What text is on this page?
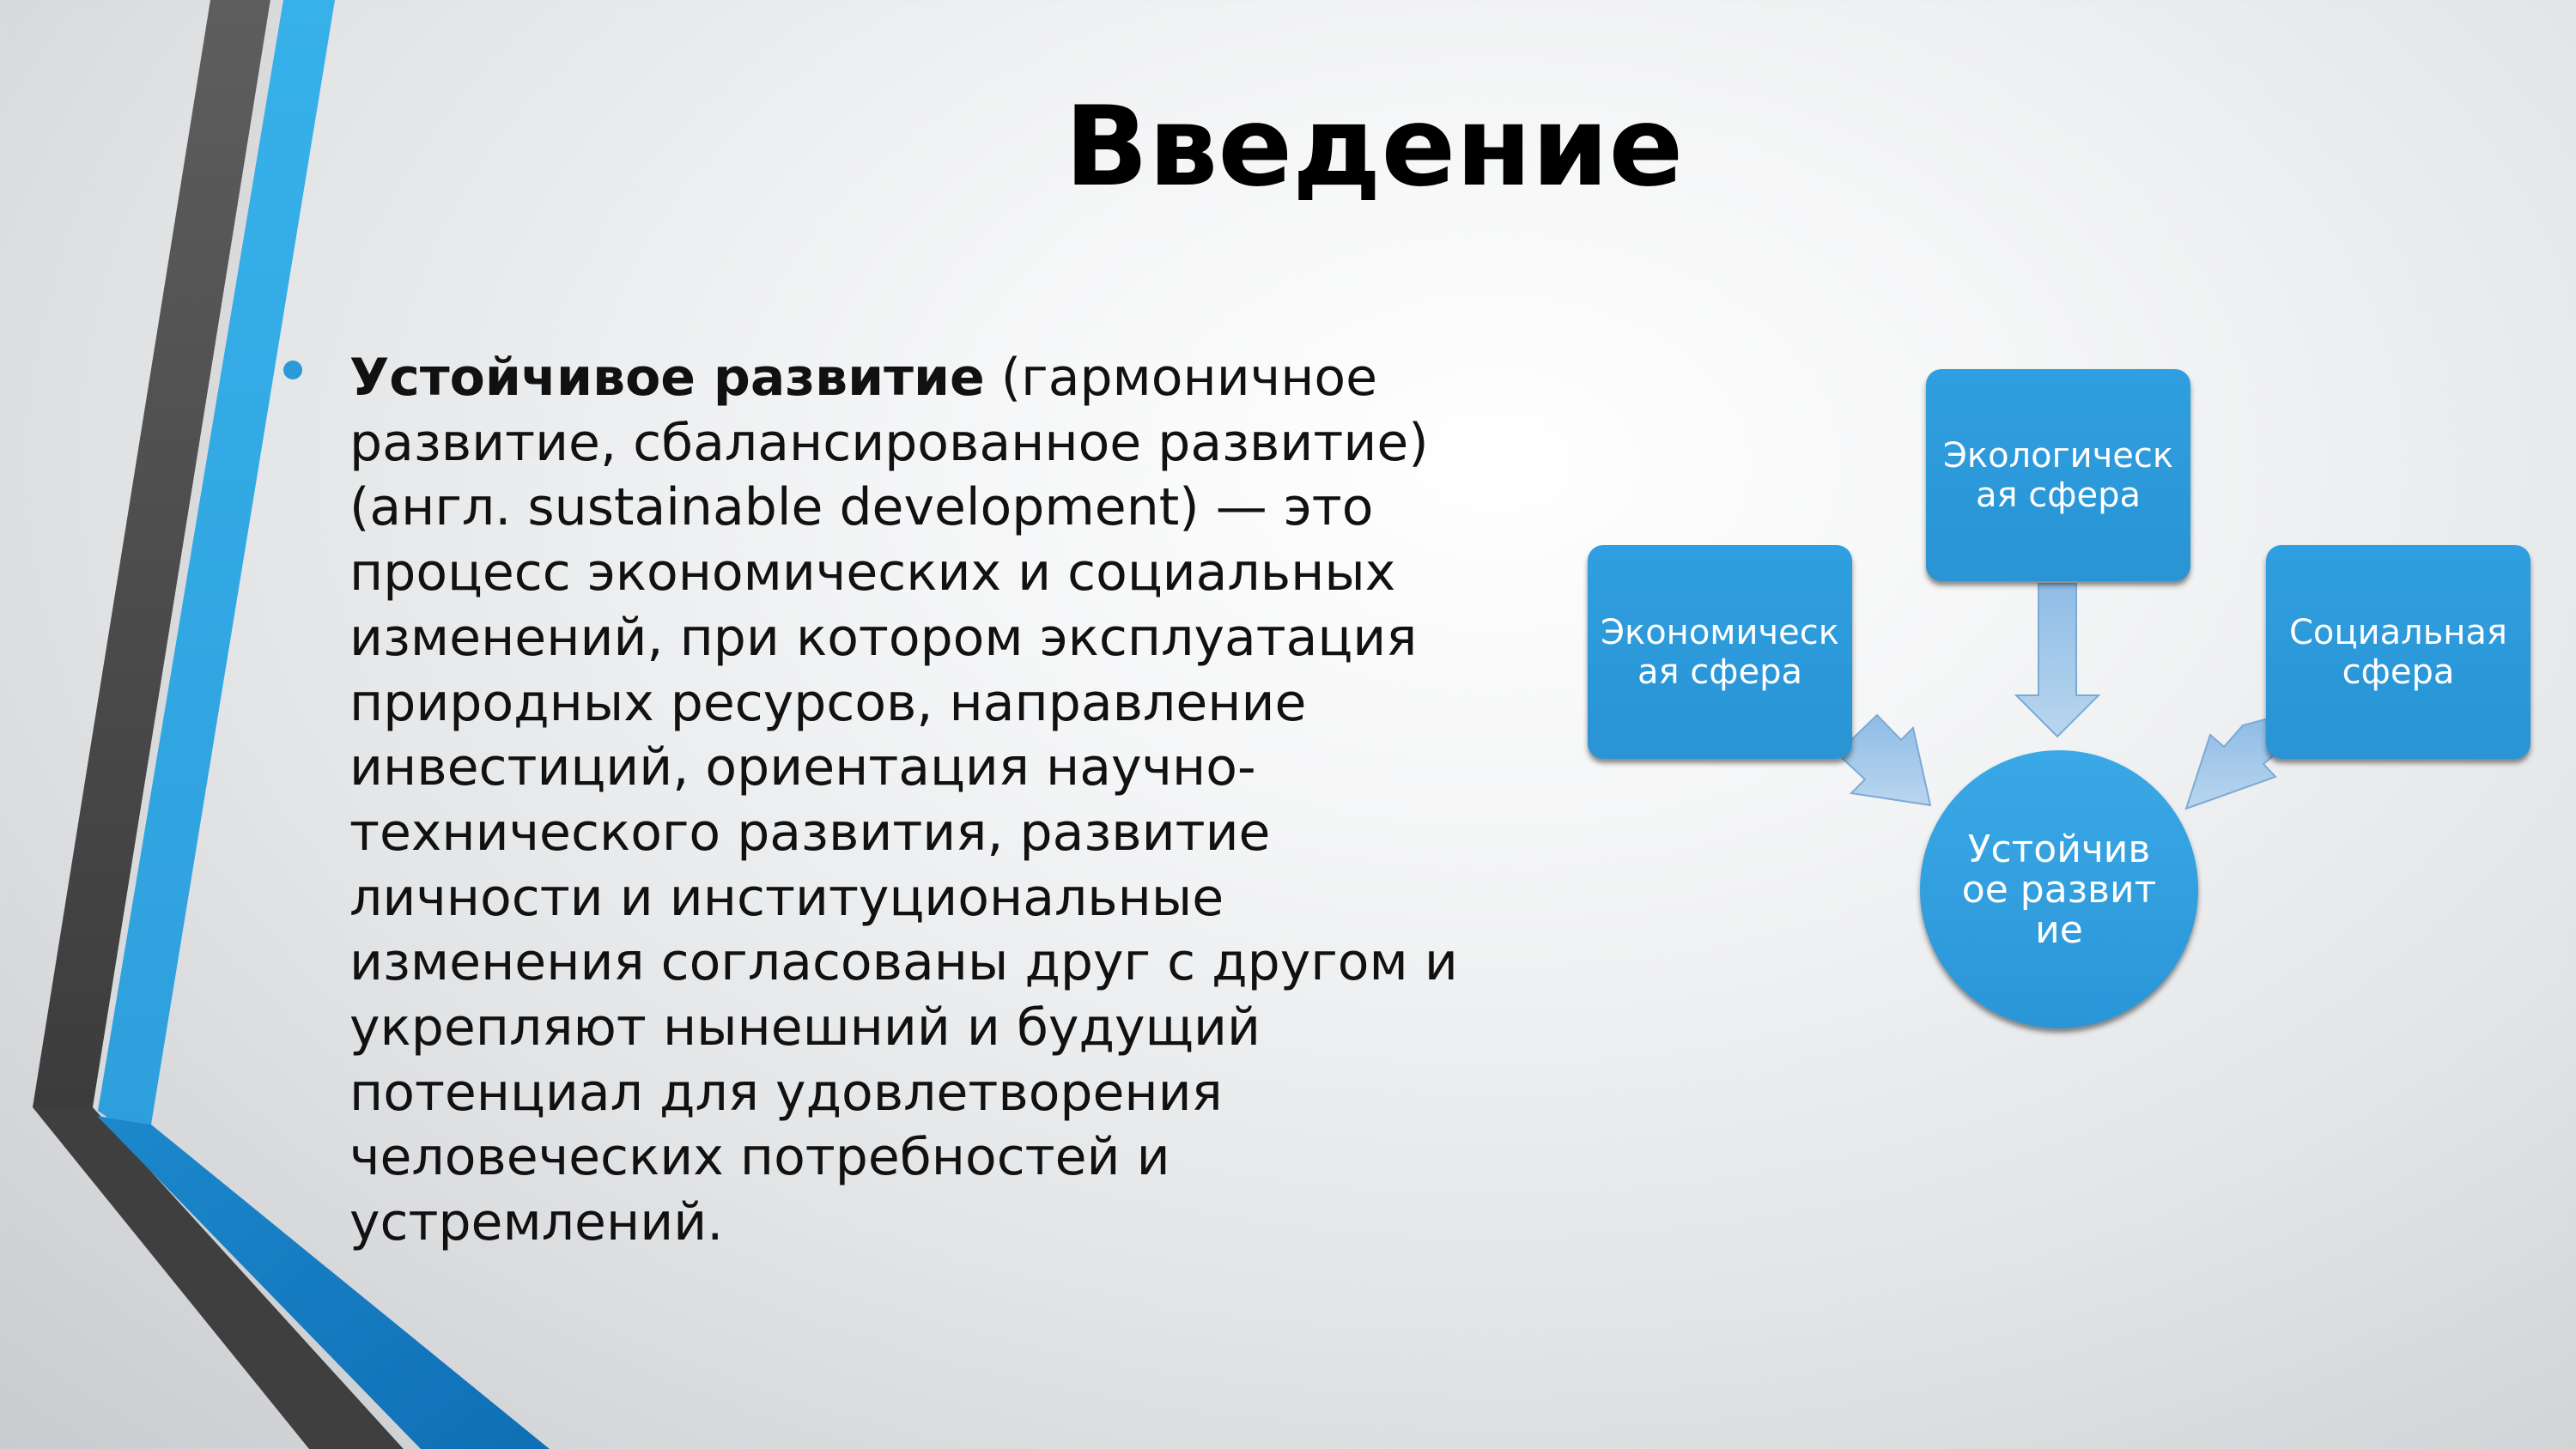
Введение

Устойчивое развитие (гармоничное развитие, сбалансированное развитие) (англ. sustainable development) — это процесс экономических и социальных изменений, при котором эксплуатация природных ресурсов, направление инвестиций, ориентация научно-технического развития, развитие личности и институциональные изменения согласованы друг с другом и укрепляют нынешний и будущий потенциал для удовлетворения человеческих потребностей и устремлений.

Экологическая сфера
Экономическая сфера
Социальная сфера
Устойчивое развитие
